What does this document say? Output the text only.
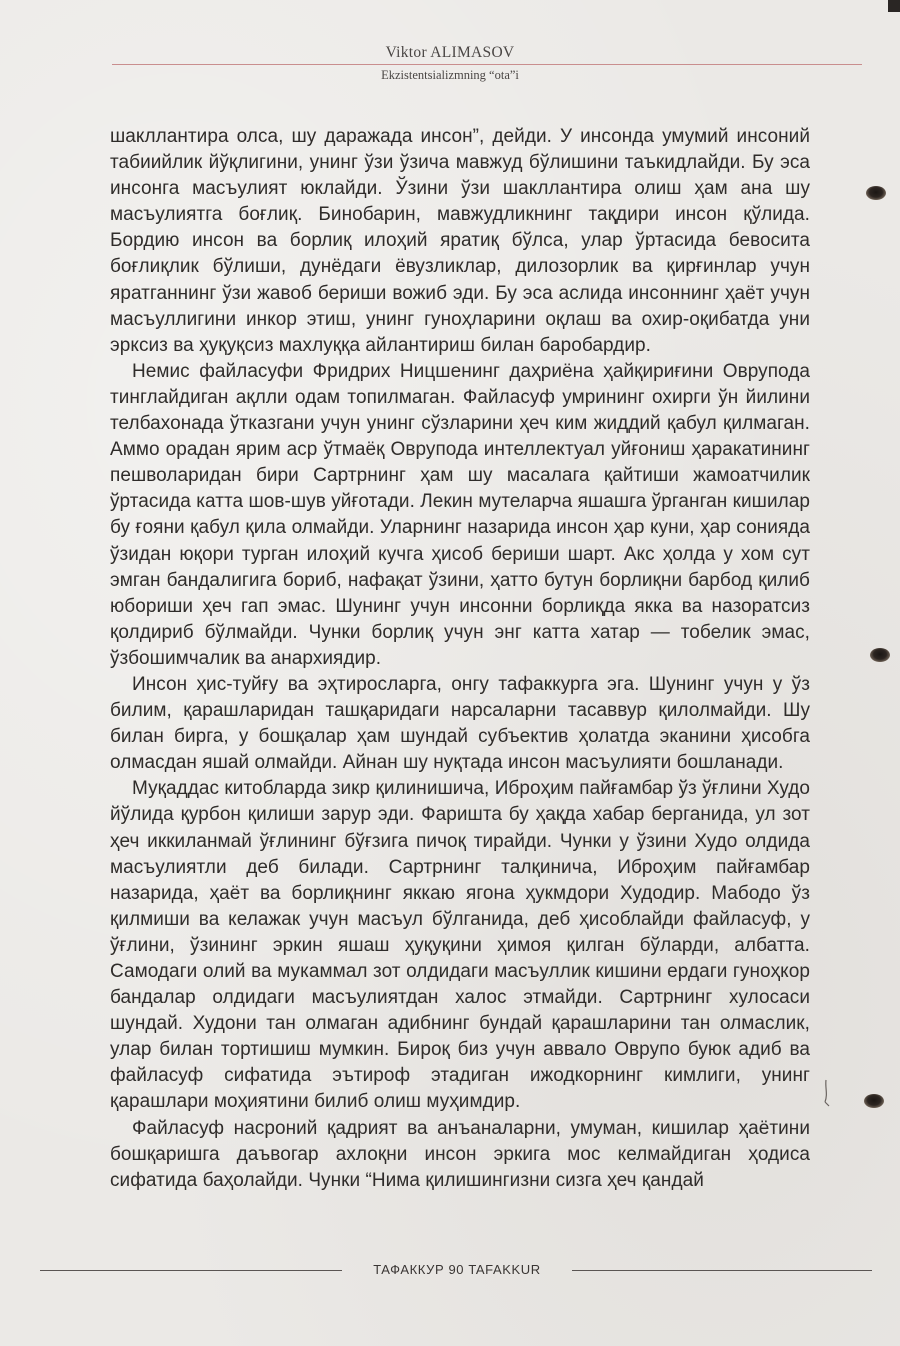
Viktor ALIMASOV
Ekzistentsializmning “ota”i

шакллантира олса, шу даражада инсон”, дейди. У инсонда умумий инсоний табиийлик йўқлигини, унинг ўзи ўзича мавжуд бўлишини таъкидлайди. Бу эса инсонга масъулият юклайди. Ўзини ўзи шакллантира олиш ҳам ана шу масъулиятга боғлиқ. Бинобарин, мавжудликнинг тақдири инсон қўлида. Бордию инсон ва борлиқ илоҳий яратиқ бўлса, улар ўртасида бевосита боғлиқлик бўлиши, дунёдаги ёвузликлар, дилозорлик ва қирғинлар учун яратганнинг ўзи жавоб бериши вожиб эди. Бу эса аслида инсоннинг ҳаёт учун масъуллигини инкор этиш, унинг гуноҳларини оқлаш ва охир-оқибатда уни эрксиз ва ҳуқуқсиз махлуққа айлантириш билан баробардир.

Немис файласуфи Фридрих Ницшенинг даҳриёна ҳайқириғини Оврупода тинглайдиган ақлли одам топилмаган. Файласуф умрининг охирги ўн йилини телбахонада ўтказгани учун унинг сўзларини ҳеч ким жиддий қабул қилмаган. Аммо орадан ярим аср ўтмаёқ Оврупода интеллектуал уйғониш ҳаракатининг пешволаридан бири Сартрнинг ҳам шу масалага қайтиши жамоатчилик ўртасида катта шов-шув уйғотади. Лекин мутеларча яшашга ўрганган кишилар бу ғояни қабул қила олмайди. Уларнинг назарида инсон ҳар куни, ҳар сонияда ўзидан юқори турган илоҳий кучга ҳисоб бериши шарт. Акс ҳолда у хом сут эмган бандалигига бориб, нафақат ўзини, ҳатто бутун борлиқни барбод қилиб юбориши ҳеч гап эмас. Шунинг учун инсонни борлиқда якка ва назоратсиз қолдириб бўлмайди. Чунки борлиқ учун энг катта хатар — тобелик эмас, ўзбошимчалик ва анархиядир.

Инсон ҳис-туйғу ва эҳтиросларга, онгу тафаккурга эга. Шунинг учун у ўз билим, қарашларидан ташқаридаги нарсаларни тасаввур қилолмайди. Шу билан бирга, у бошқалар ҳам шундай субъектив ҳолатда эканини ҳисобга олмасдан яшай олмайди. Айнан шу нуқтада инсон масъулияти бошланади.

Муқаддас китобларда зикр қилинишича, Иброҳим пайғамбар ўз ўғлини Худо йўлида қурбон қилиши зарур эди. Фаришта бу ҳақда хабар берганида, ул зот ҳеч иккиланмай ўғлининг бўғзига пичоқ тирайди. Чунки у ўзини Худо олдида масъулиятли деб билади. Сартрнинг талқинича, Иброҳим пайғамбар назарида, ҳаёт ва борлиқнинг яккаю ягона ҳукмдори Худодир. Мабодо ўз қилмиши ва келажак учун масъул бўлганида, деб ҳисоблайди файласуф, у ўғлини, ўзининг эркин яшаш ҳуқуқини ҳимоя қилган бўларди, албатта. Самодаги олий ва мукаммал зот олдидаги масъуллик кишини ердаги гуноҳкор бандалар олдидаги масъулиятдан халос этмайди. Сартрнинг хулосаси шундай. Худони тан олмаган адибнинг бундай қарашларини тан олмаслик, улар билан тортишиш мумкин. Бироқ биз учун аввало Оврупо буюк адиб ва файласуф сифатида эътироф этадиган ижодкорнинг кимлиги, унинг қарашлари моҳиятини билиб олиш муҳимдир.

Файласуф насроний қадрият ва анъаналарни, умуман, кишилар ҳаётини бошқаришга даъвогар ахлоқни инсон эркига мос келмайдиган ҳодиса сифатида баҳолайди. Чунки “Нима қилишингизни сизга ҳеч қандай

ТАФАККУР 90 TAFAKKUR
